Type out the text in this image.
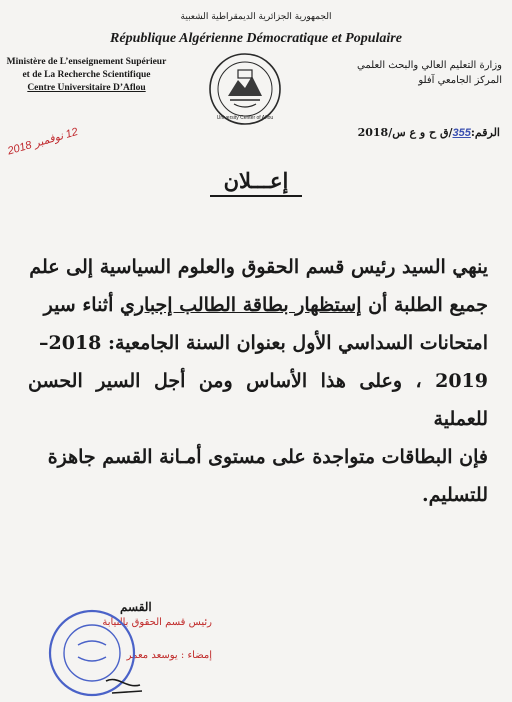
الجمهورية الجزائرية الديمقراطية الشعبية
République Algérienne Démocratique et Populaire
Ministère de L’enseignement Supérieur
et de La Recherche Scientifique
Centre Universitaire D’Aflou
وزارة التعليم العالي والبحث العلمي
المركز الجامعي آفلو
University Center of Aflou
الرقم:355/ق ح و ع س/2018
12 نوفمبر 2018
إعـــلان
ينهي السيد رئيس قسم الحقوق والعلوم السياسية إلى علم
جميع الطلبة أن إستظهار بطاقة الطالب إجباري أثناء سير
امتحانات السداسي الأول بعنوان السنة الجامعية: 2018–
2019 ، وعلى هذا الأساس ومن أجل السير الحسن للعملية
فإن البطاقات متواجدة على مستوى أمـانة القسم جاهزة
للتسليم.
رئيس قسم الحقوق بالنيابة
إمضاء : يوسعد معمر
القسم
